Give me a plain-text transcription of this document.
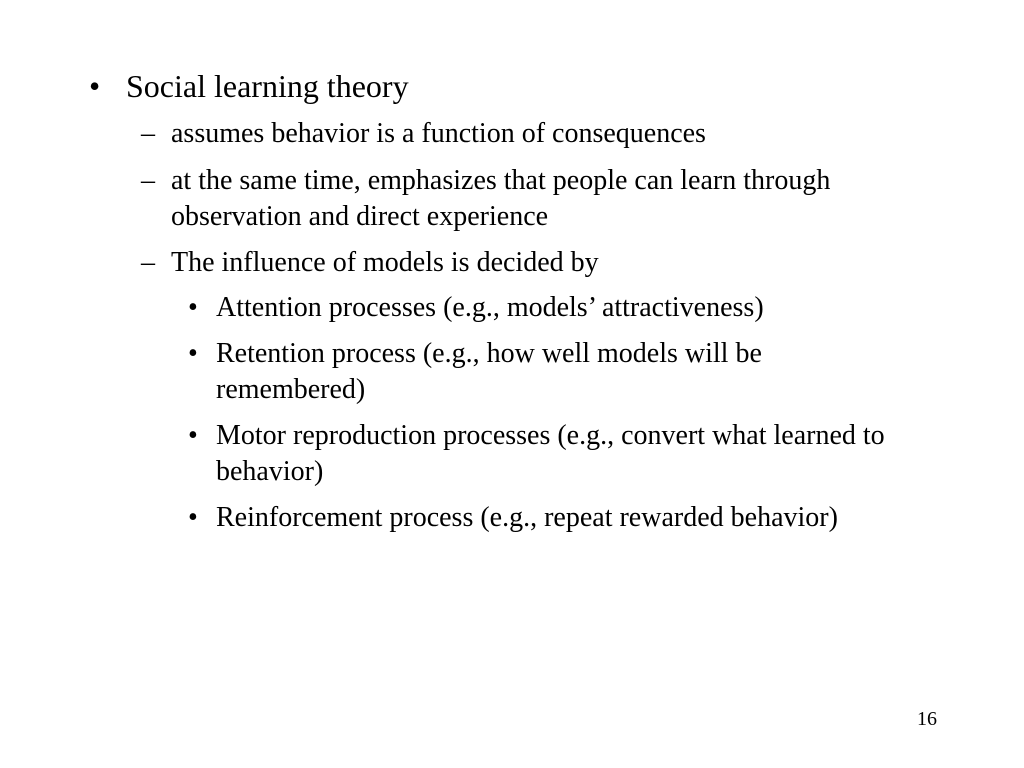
• Social learning theory
– assumes behavior is a function of consequences
– at the same time, emphasizes that people can learn through observation and direct experience
– The influence of models is decided by
• Attention processes (e.g., models’ attractiveness)
• Retention process (e.g., how well models will be remembered)
• Motor reproduction processes (e.g., convert what learned to behavior)
• Reinforcement process (e.g., repeat rewarded behavior)
16
